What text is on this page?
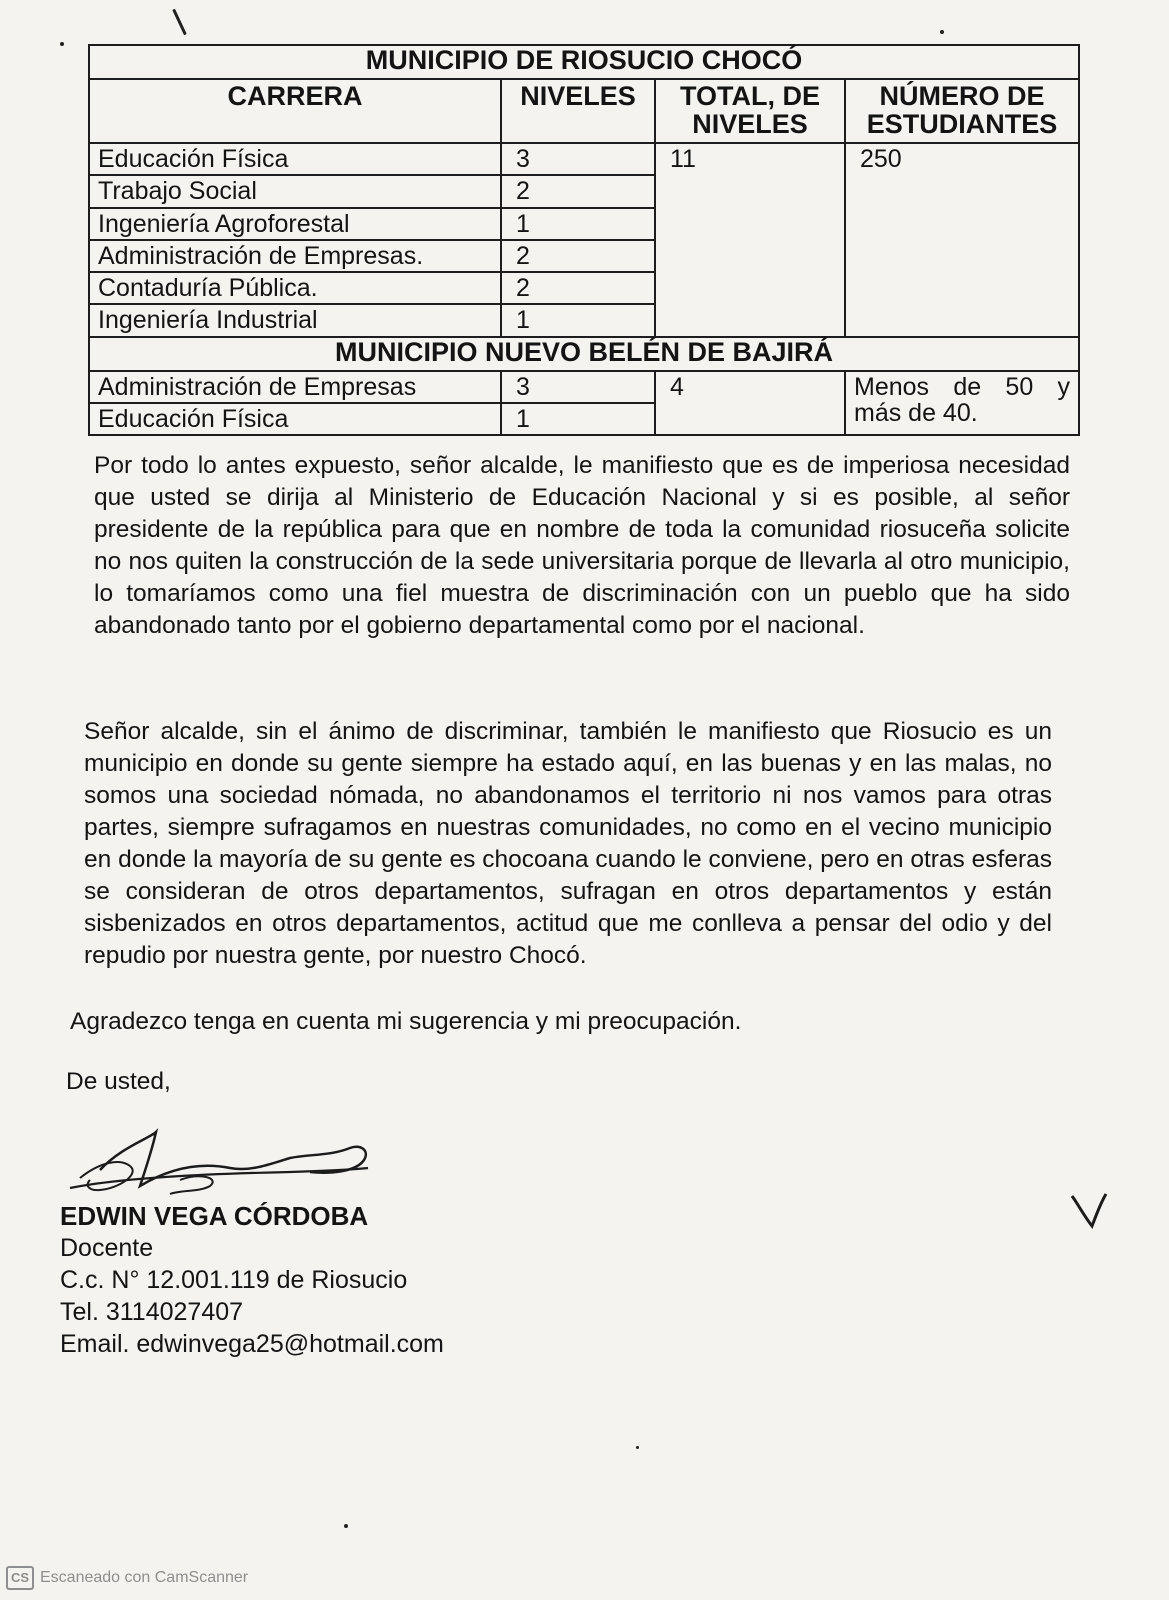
MUNICIPIO DE RIOSUCIO CHOCÓ			
CARRERA	NIVELES	TOTAL, DE NIVELES	NÚMERO DE ESTUDIANTES
Educación Física	3	11	250
Trabajo Social	2		
Ingeniería Agroforestal	1		
Administración de Empresas.	2		
Contaduría Pública.	2		
Ingeniería Industrial	1		
MUNICIPIO NUEVO BELÉN DE BAJIRÁ			
Administración de Empresas	3	4	Menos de 50 y más de 40.
Educación Física	1		

Por todo lo antes expuesto, señor alcalde, le manifiesto que es de imperiosa necesidad que usted se dirija al Ministerio de Educación Nacional y si es posible, al señor presidente de la república para que en nombre de toda la comunidad riosuceña solicite no nos quiten la construcción de la sede universitaria porque de llevarla al otro municipio, lo tomaríamos como una fiel muestra de discriminación con un pueblo que ha sido abandonado tanto por el gobierno departamental como por el nacional.

Señor alcalde, sin el ánimo de discriminar, también le manifiesto que Riosucio es un municipio en donde su gente siempre ha estado aquí, en las buenas y en las malas, no somos una sociedad nómada, no abandonamos el territorio ni nos vamos para otras partes, siempre sufragamos en nuestras comunidades, no como en el vecino municipio en donde la mayoría de su gente es chocoana cuando le conviene, pero en otras esferas se consideran de otros departamentos, sufragan en otros departamentos y están sisbenizados en otros departamentos, actitud que me conlleva a pensar del odio y del repudio por nuestra gente, por nuestro Chocó.

Agradezco tenga en cuenta mi sugerencia y mi preocupación.
De usted,
EDWIN VEGA CÓRDOBA
Docente
C.c. N° 12.001.119 de Riosucio
Tel. 3114027407
Email. edwinvega25@hotmail.com
CS Escaneado con CamScanner
